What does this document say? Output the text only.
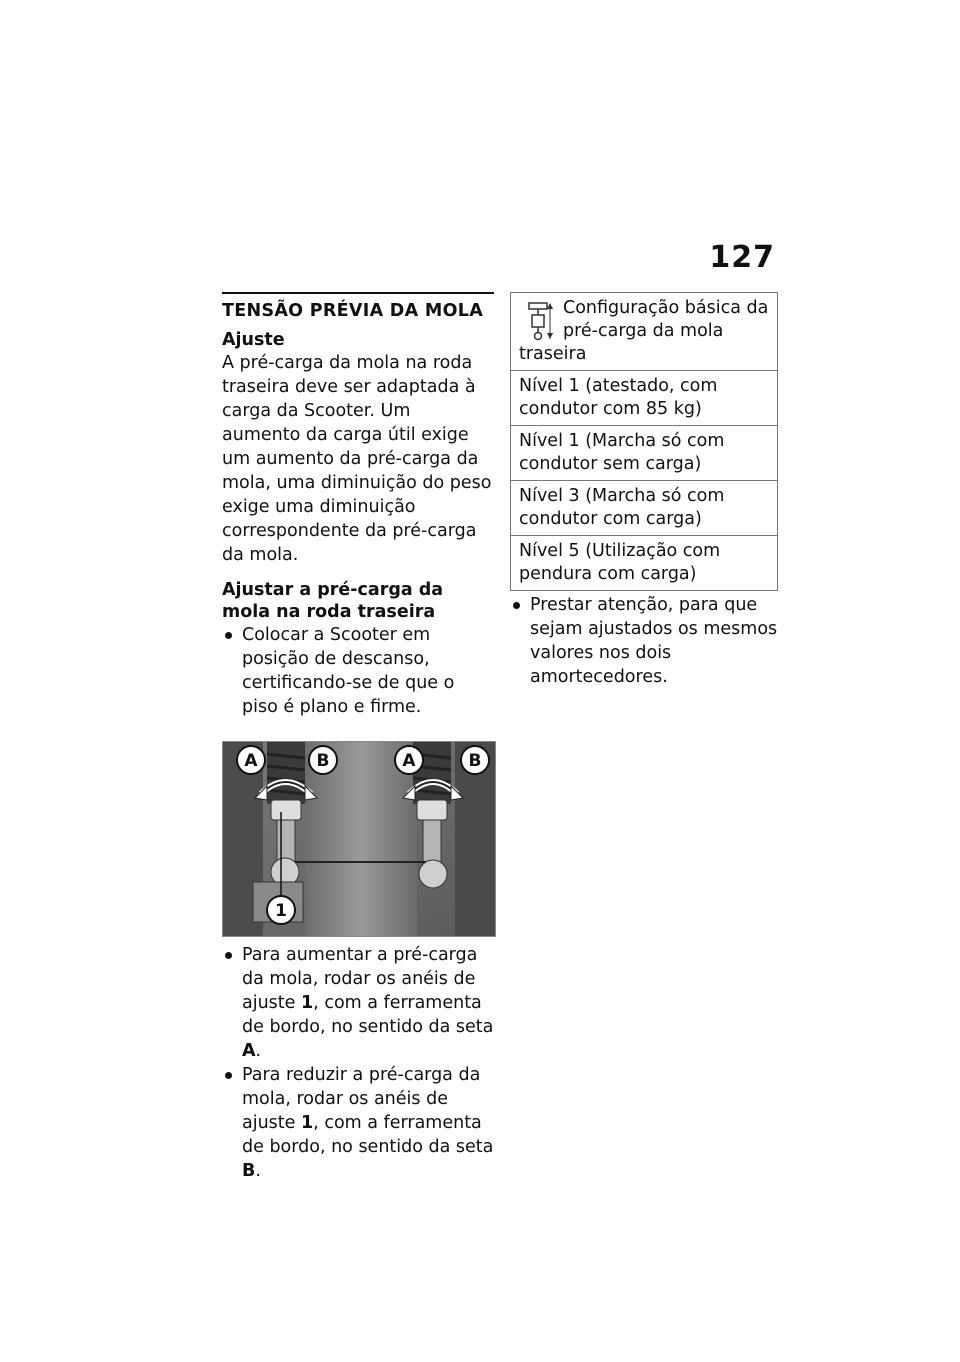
127
TENSÃO PRÉVIA DA MOLA
Ajuste

A pré-carga da mola na roda traseira deve ser adaptada à carga da Scooter. Um aumento da carga útil exige um aumento da pré-carga da mola, uma diminuição do peso exige uma diminuição correspondente da pré-carga da mola.

Ajustar a pré-carga da mola na roda traseira
Colocar a Scooter em posição de descanso, certificando-se de que o piso é plano e firme.
A	B	A	B
1
Para aumentar a pré-carga da mola, rodar os anéis de ajuste 1, com a ferramenta de bordo, no sentido da seta A.
Para reduzir a pré-carga da mola, rodar os anéis de ajuste 1, com a ferramenta de bordo, no sentido da seta B.
Configuração básica da pré-carga da mola traseira
Nível 1 (atestado, com condutor com 85 kg)
Nível 1 (Marcha só com condutor sem carga)
Nível 3 (Marcha só com condutor com carga)
Nível 5 (Utilização com pendura com carga)
Prestar atenção, para que sejam ajustados os mesmos valores nos dois amortecedores.
